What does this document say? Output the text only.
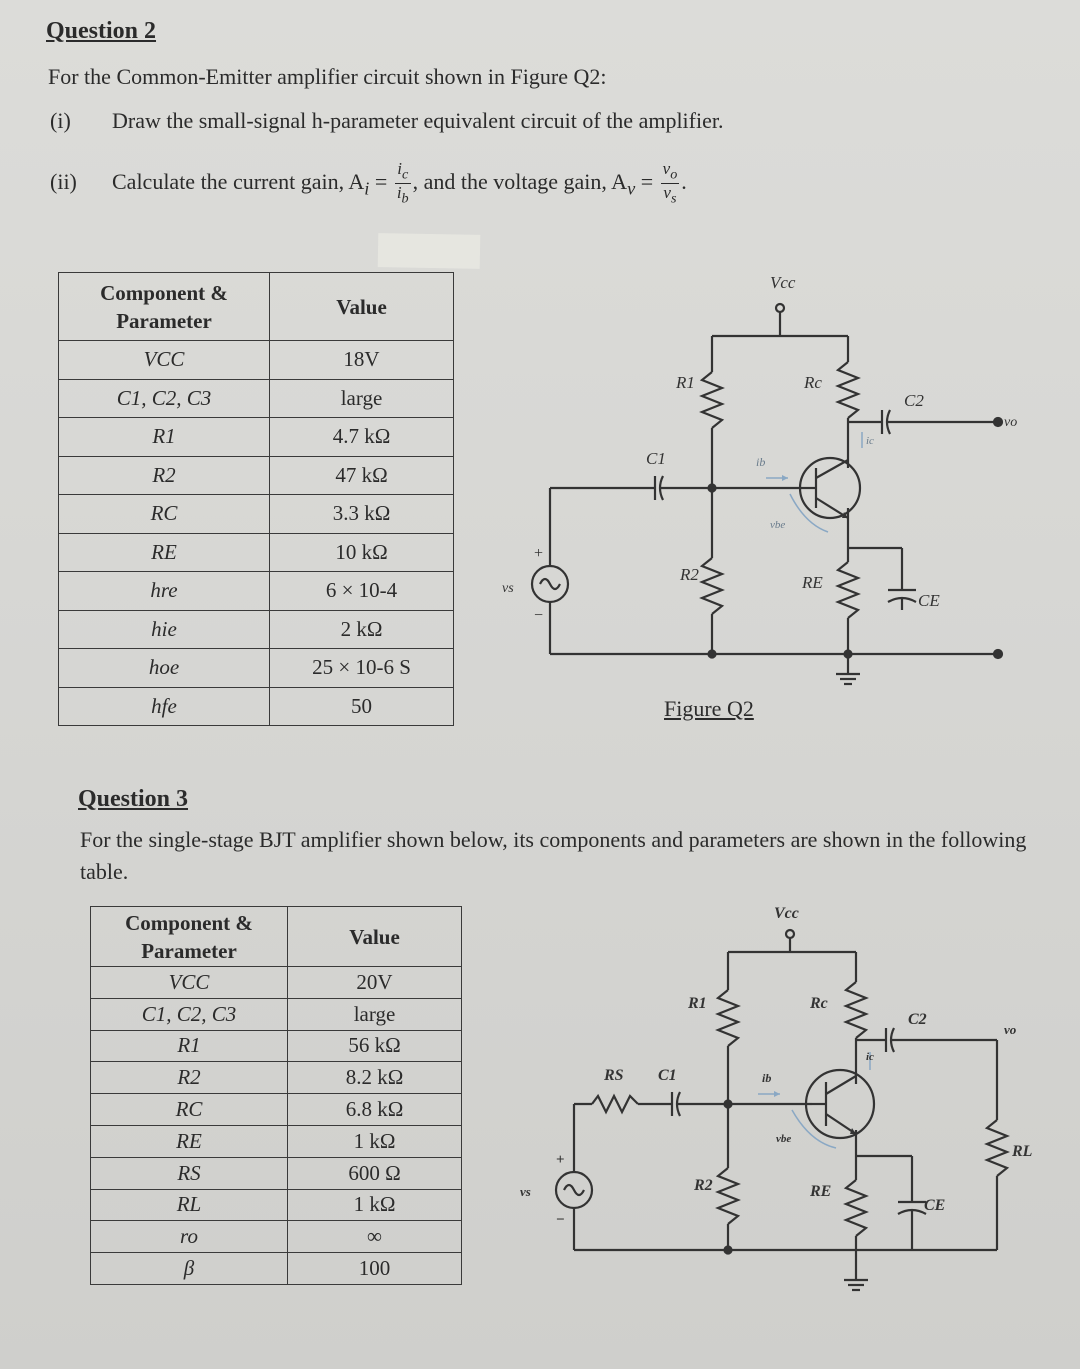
Question 2
For the Common-Emitter amplifier circuit shown in Figure Q2:
(i) Draw the small-signal h-parameter equivalent circuit of the amplifier.
(ii) Calculate the current gain, $A_i = \frac{i_c}{i_b}$ , and the voltage gain, $A_v = \frac{v_o}{v_s}$ .
Component & Parameter	Value
VCC	18V
C1, C2, C3	large
R1	4.7 kΩ
R2	47 kΩ
RC	3.3 kΩ
RE	10 kΩ
hre	6 × 10-4
hie	2 kΩ
hoe	25 × 10-6 S
hfe	50
Vcc
R1
R2
Rc
RE
C1
C2
CE
vo
vs
+
−
ib
vbe
ic
Figure Q2
Question 3
For the single-stage BJT amplifier shown below, its components and parameters are shown in the following table.
Component & Parameter	Value
VCC	20V
C1, C2, C3	large
R1	56 kΩ
R2	8.2 kΩ
RC	6.8 kΩ
RE	1 kΩ
RS	600 Ω
RL	1 kΩ
ro	∞
β	100
Vcc
R1
R2
Rc
RE
RS
RL
C1
C2
CE
vo
vs
+
−
ib
vbe
ic
